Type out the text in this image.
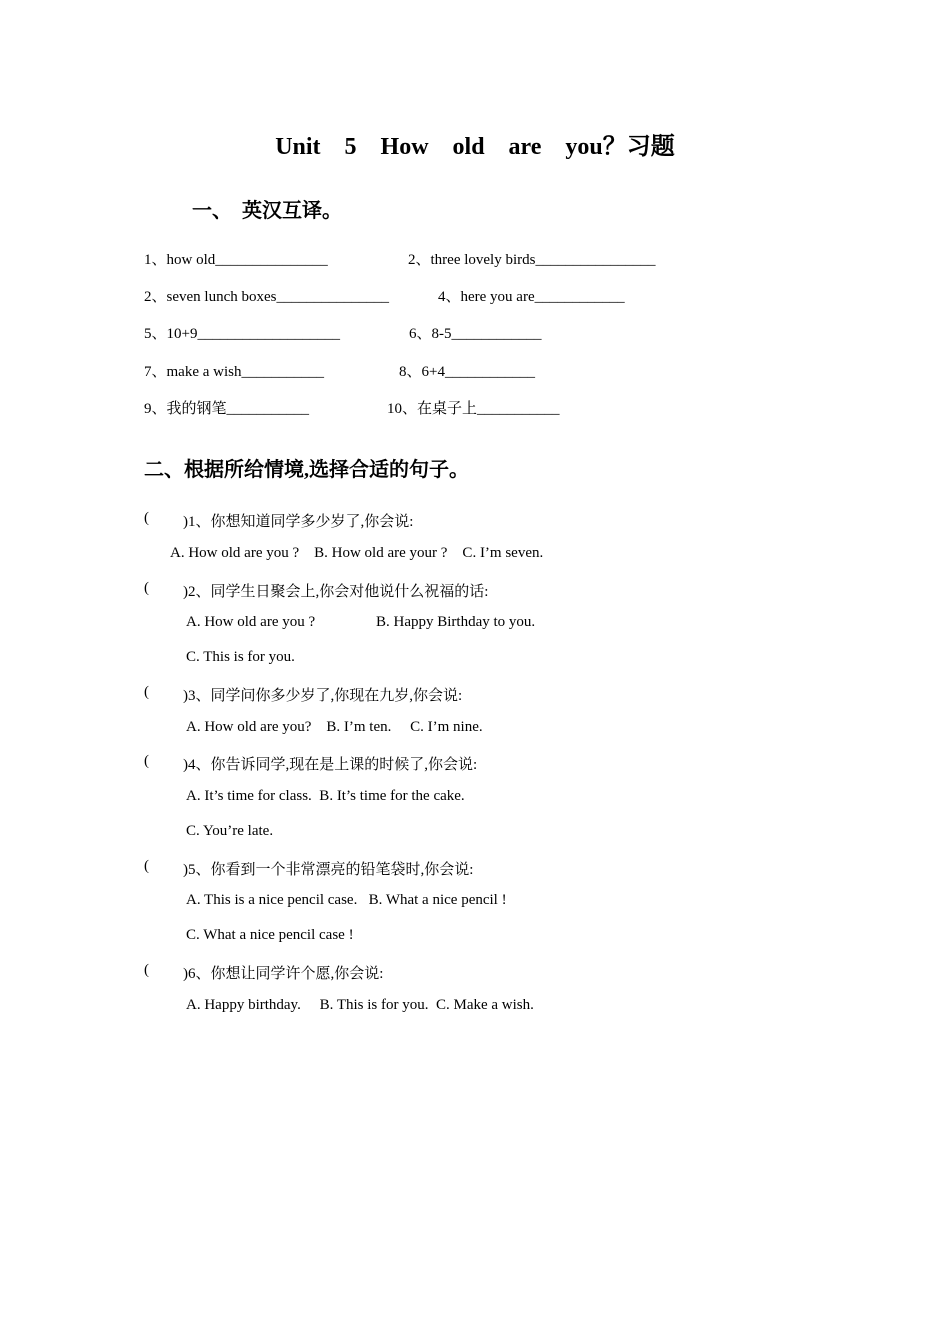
Unit  5  How  old  are  you？习题
一、  英汉互译。
1、how old_______________	2、three lovely birds________________
2、seven lunch boxes_______________	4、here you are____________
5、10+9___________________	6、8-5____________
7、make a wish___________	8、6+4____________
9、我的钢笔___________	10、在桌子上___________
二、根据所给情境,选择合适的句子。
( )1、你想知道同学多少岁了,你会说:
A. How old are you ?    B. How old are your ?    C. I’m seven.
( )2、同学生日聚会上,你会对他说什么祝福的话:
A. How old are you ?	B. Happy Birthday to you.
C. This is for you.
( )3、同学问你多少岁了,你现在九岁,你会说:
A. How old are you?    B. I’m ten.     C. I’m nine.
( )4、你告诉同学,现在是上课的时候了,你会说:
A. It’s time for class.  B. It’s time for the cake.
C. You’re late.
( )5、你看到一个非常漂亮的铅笔袋时,你会说:
A. This is a nice pencil case.   B. What a nice pencil !
C. What a nice pencil case !
( )6、你想让同学许个愿,你会说:
A. Happy birthday.     B. This is for you.  C. Make a wish.
